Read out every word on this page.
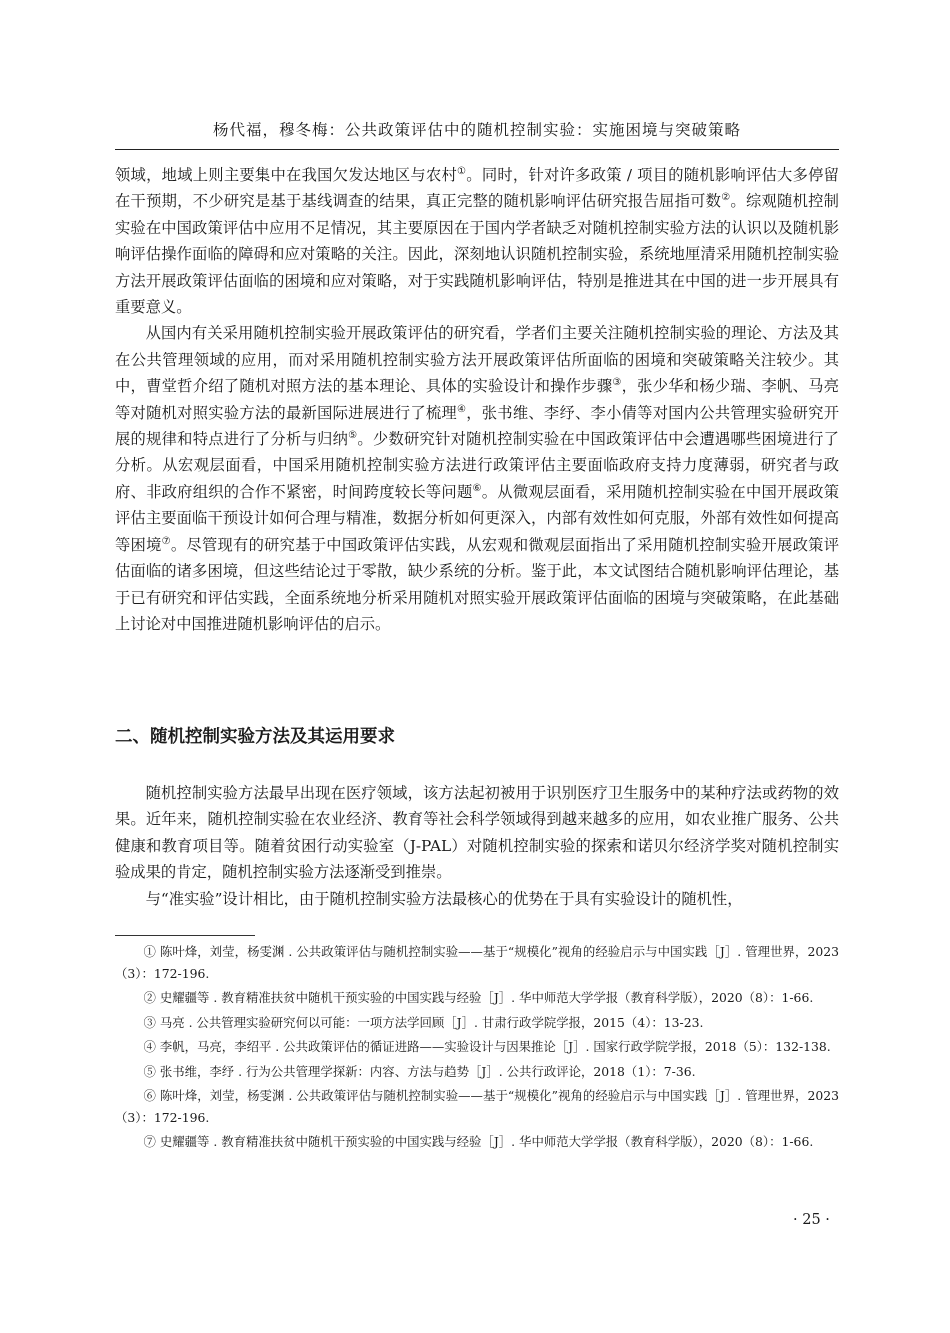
杨代福，穆冬梅：公共政策评估中的随机控制实验：实施困境与突破策略

领域，地域上则主要集中在我国欠发达地区与农村①。同时，针对许多政策 / 项目的随机影响评估大多停留在干预期，不少研究是基于基线调查的结果，真正完整的随机影响评估研究报告屈指可数②。综观随机控制实验在中国政策评估中应用不足情况，其主要原因在于国内学者缺乏对随机控制实验方法的认识以及随机影响评估操作面临的障碍和应对策略的关注。因此，深刻地认识随机控制实验，系统地厘清采用随机控制实验方法开展政策评估面临的困境和应对策略，对于实践随机影响评估，特别是推进其在中国的进一步开展具有重要意义。

从国内有关采用随机控制实验开展政策评估的研究看，学者们主要关注随机控制实验的理论、方法及其在公共管理领域的应用，而对采用随机控制实验方法开展政策评估所面临的困境和突破策略关注较少。其中，曹堂哲介绍了随机对照方法的基本理论、具体的实验设计和操作步骤③，张少华和杨少瑞、李帆、马亮等对随机对照实验方法的最新国际进展进行了梳理④，张书维、李纾、李小倩等对国内公共管理实验研究开展的规律和特点进行了分析与归纳⑤。少数研究针对随机控制实验在中国政策评估中会遭遇哪些困境进行了分析。从宏观层面看，中国采用随机控制实验方法进行政策评估主要面临政府支持力度薄弱，研究者与政府、非政府组织的合作不紧密，时间跨度较长等问题⑥。从微观层面看，采用随机控制实验在中国开展政策评估主要面临干预设计如何合理与精准，数据分析如何更深入，内部有效性如何克服，外部有效性如何提高等困境⑦。尽管现有的研究基于中国政策评估实践，从宏观和微观层面指出了采用随机控制实验开展政策评估面临的诸多困境，但这些结论过于零散，缺少系统的分析。鉴于此，本文试图结合随机影响评估理论，基于已有研究和评估实践，全面系统地分析采用随机对照实验开展政策评估面临的困境与突破策略，在此基础上讨论对中国推进随机影响评估的启示。

二、随机控制实验方法及其运用要求

随机控制实验方法最早出现在医疗领域，该方法起初被用于识别医疗卫生服务中的某种疗法或药物的效果。近年来，随机控制实验在农业经济、教育等社会科学领域得到越来越多的应用，如农业推广服务、公共健康和教育项目等。随着贫困行动实验室（J-PAL）对随机控制实验的探索和诺贝尔经济学奖对随机控制实验成果的肯定，随机控制实验方法逐渐受到推崇。

与“准实验”设计相比，由于随机控制实验方法最核心的优势在于具有实验设计的随机性，

① 陈叶烽，刘莹，杨雯渊 . 公共政策评估与随机控制实验——基于“规模化”视角的经验启示与中国实践［J］. 管理世界，2023（3）：172-196.

② 史耀疆等 . 教育精准扶贫中随机干预实验的中国实践与经验［J］. 华中师范大学学报（教育科学版），2020（8）：1-66.

③ 马亮 . 公共管理实验研究何以可能：一项方法学回顾［J］. 甘肃行政学院学报，2015（4）：13-23.

④ 李帆，马亮，李绍平 . 公共政策评估的循证进路——实验设计与因果推论［J］. 国家行政学院学报，2018（5）：132-138.

⑤ 张书维，李纾 . 行为公共管理学探新：内容、方法与趋势［J］. 公共行政评论，2018（1）：7-36.

⑥ 陈叶烽，刘莹，杨雯渊 . 公共政策评估与随机控制实验——基于“规模化”视角的经验启示与中国实践［J］. 管理世界，2023（3）：172-196.

⑦ 史耀疆等 . 教育精准扶贫中随机干预实验的中国实践与经验［J］. 华中师范大学学报（教育科学版），2020（8）：1-66.

· 25 ·
